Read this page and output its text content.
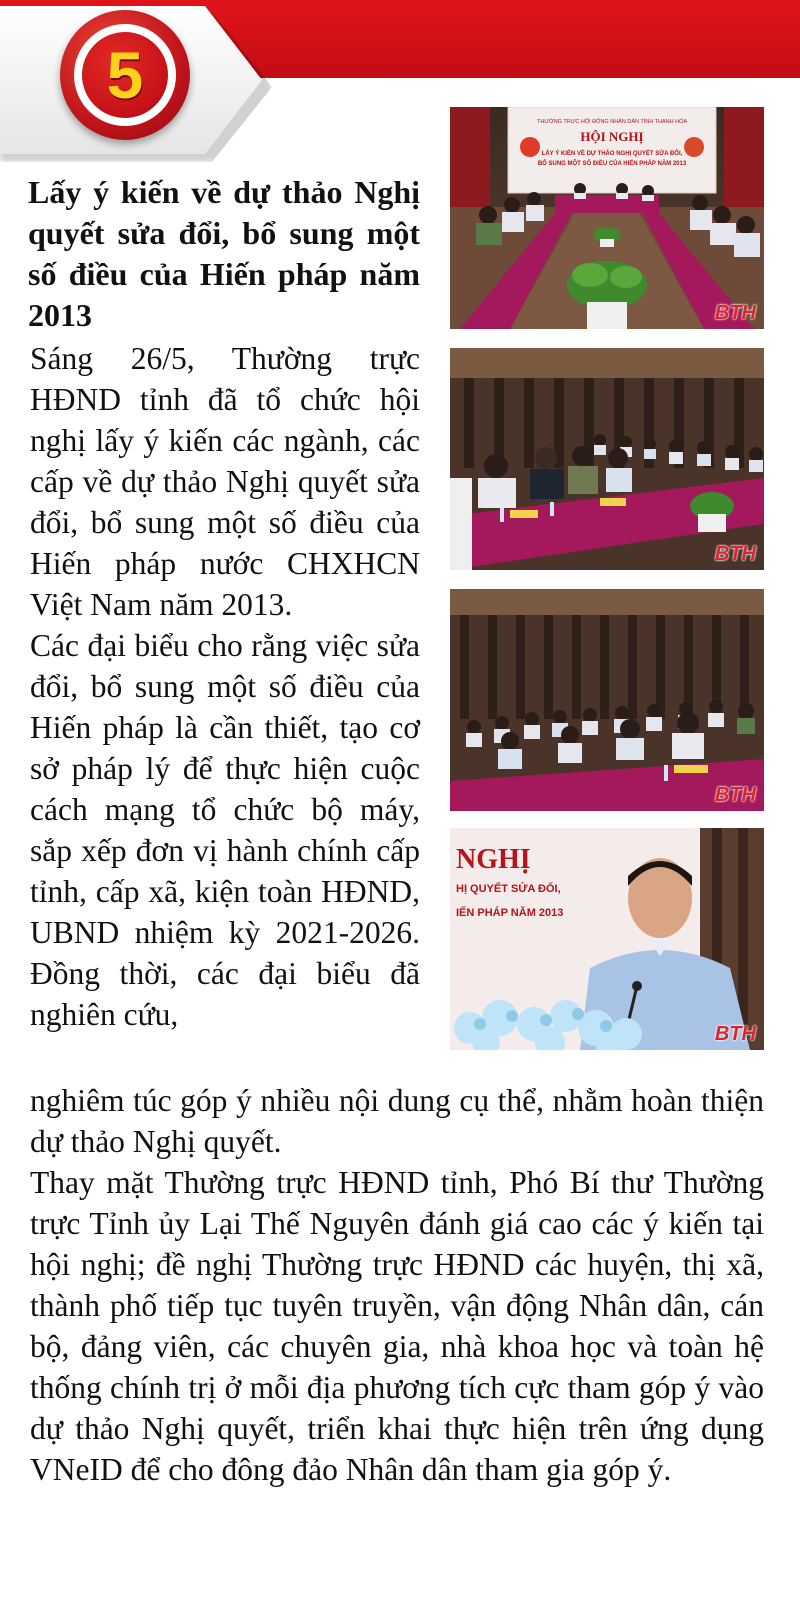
5
Lấy ý kiến về dự thảo Nghị quyết sửa đổi, bổ sung một số điều của Hiến pháp năm 2013

Sáng 26/5, Thường trực HĐND tỉnh đã tổ chức hội nghị lấy ý kiến các ngành, các cấp về dự thảo Nghị quyết sửa đổi, bổ sung một số điều của Hiến pháp nước CHXHCN Việt Nam năm 2013.

Các đại biểu cho rằng việc sửa đổi, bổ sung một số điều của Hiến pháp là cần thiết, tạo cơ sở pháp lý để thực hiện cuộc cách mạng tổ chức bộ máy, sắp xếp đơn vị hành chính cấp tỉnh, cấp xã, kiện toàn HĐND, UBND nhiệm kỳ 2021-2026. Đồng thời, các đại biểu đã nghiên cứu,

nghiêm túc góp ý nhiều nội dung cụ thể, nhằm hoàn thiện dự thảo Nghị quyết.

Thay mặt Thường trực HĐND tỉnh, Phó Bí thư Thường trực Tỉnh ủy Lại Thế Nguyên đánh giá cao các ý kiến tại hội nghị; đề nghị Thường trực HĐND các huyện, thị xã, thành phố tiếp tục tuyên truyền, vận động Nhân dân, cán bộ, đảng viên, các chuyên gia, nhà khoa học và toàn hệ thống chính trị ở mỗi địa phương tích cực tham góp ý vào dự thảo Nghị quyết, triển khai thực hiện trên ứng dụng VNeID để cho đông đảo Nhân dân tham gia góp ý.

THƯỜNG TRỰC HỘI ĐỒNG NHÂN DÂN TỈNH THANH HÓA
HỘI NGHỊ
LẤY Ý KIẾN VỀ DỰ THẢO NGHỊ QUYẾT SỬA ĐỔI,
BỔ SUNG MỘT SỐ ĐIỀU CỦA HIẾN PHÁP NĂM 2013
BTH
BTH
BTH
NGHỊ
HỊ QUYẾT SỬA ĐỔI,
IẾN PHÁP NĂM 2013
BTH
